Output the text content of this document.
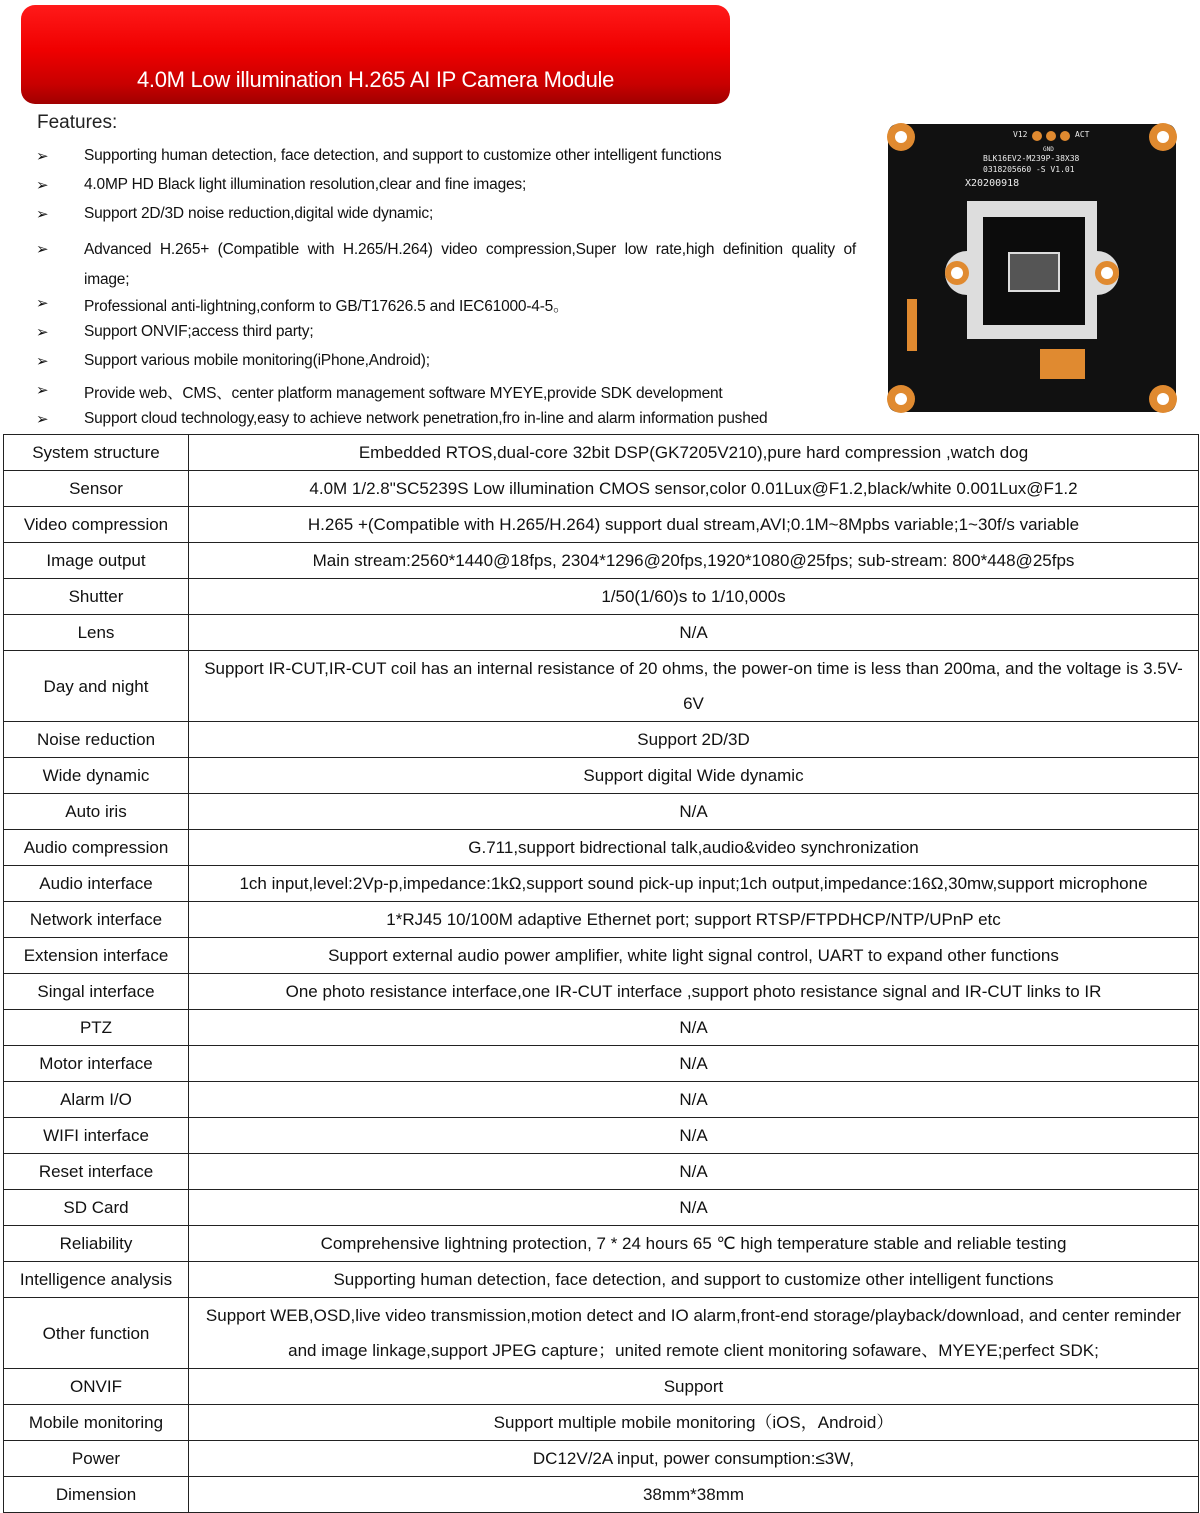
4.0M Low illumination H.265 AI IP Camera Module
Features:
➢ Supporting human detection, face detection, and support to customize other intelligent functions
➢ 4.0MP HD Black light illumination resolution,clear and fine images;
➢ Support 2D/3D noise reduction,digital wide dynamic;
➢ Advanced H.265+ (Compatible with H.265/H.264) video compression,Super low rate,high definition quality of image;
➢ Professional anti-lightning,conform to GB/T17626.5 and IEC61000-4-5。
➢ Support ONVIF;access third party;
➢ Support various mobile monitoring(iPhone,Android);
➢ Provide web、CMS、center platform management software MYEYE,provide SDK development
➢ Support cloud technology,easy to achieve network penetration,fro in-line and alarm information pushed
V12
GND
ACT
BLK16EV2-M239P-38X38
0318205660 -S V1.01
X20200918
System structure	Embedded RTOS,dual-core 32bit DSP(GK7205V210),pure hard compression ,watch dog
Sensor	4.0M 1/2.8"SC5239S Low illumination CMOS sensor,color 0.01Lux@F1.2,black/white 0.001Lux@F1.2
Video compression	H.265 +(Compatible with H.265/H.264) support dual stream,AVI;0.1M~8Mpbs variable;1~30f/s variable
Image output	Main stream:2560*1440@18fps, 2304*1296@20fps,1920*1080@25fps; sub-stream: 800*448@25fps
Shutter	1/50(1/60)s to 1/10,000s
Lens	N/A
Day and night	Support IR-CUT,IR-CUT coil has an internal resistance of 20 ohms, the power-on time is less than 200ma, and the voltage is 3.5V-6V
Noise reduction	Support 2D/3D
Wide dynamic	Support digital Wide dynamic
Auto iris	N/A
Audio compression	G.711,support bidrectional talk,audio&video synchronization
Audio interface	1ch input,level:2Vp-p,impedance:1kΩ,support sound pick-up input;1ch output,impedance:16Ω,30mw,support microphone
Network interface	1*RJ45 10/100M adaptive Ethernet port; support RTSP/FTPDHCP/NTP/UPnP etc
Extension interface	Support external audio power amplifier, white light signal control, UART to expand other functions
Singal interface	One photo resistance interface,one IR-CUT interface ,support photo resistance signal and IR-CUT links to IR
PTZ	N/A
Motor interface	N/A
Alarm I/O	N/A
WIFI interface	N/A
Reset interface	N/A
SD Card	N/A
Reliability	Comprehensive lightning protection, 7 * 24 hours 65 ℃ high temperature stable and reliable testing
Intelligence analysis	Supporting human detection, face detection, and support to customize other intelligent functions
Other function	Support WEB,OSD,live video transmission,motion detect and IO alarm,front-end storage/playback/download, and center reminder and image linkage,support JPEG capture；united remote client monitoring sofaware、MYEYE;perfect SDK;
ONVIF	Support
Mobile monitoring	Support multiple mobile monitoring（iOS，Android）
Power	DC12V/2A input, power consumption:≤3W,
Dimension	38mm*38mm
